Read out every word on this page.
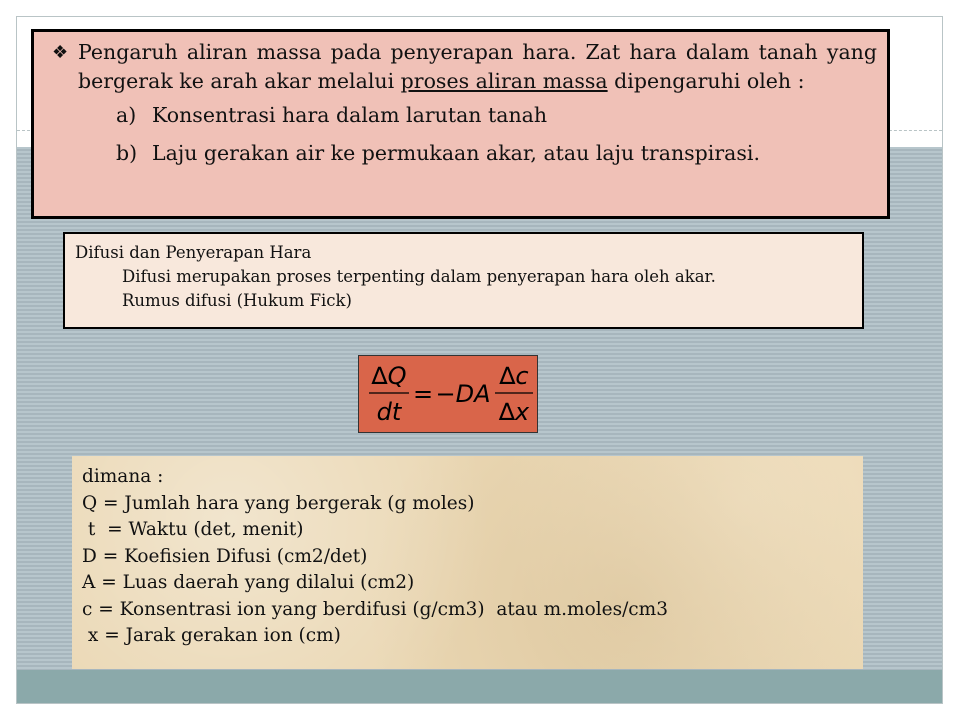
❖ Pengaruh aliran massa pada penyerapan hara. Zat hara dalam tanah yang bergerak ke arah akar melalui proses aliran massa dipengaruhi oleh :
a) Konsentrasi hara dalam larutan tanah
b) Laju gerakan air ke permukaan akar, atau laju transpirasi.
Difusi dan Penyerapan Hara

Difusi merupakan proses terpenting dalam penyerapan hara oleh akar.
Rumus difusi (Hukum Fick)
∆Q
dt
= −DA
∆c
∆x
dimana :
Q = Jumlah hara yang bergerak (g moles)
t  = Waktu (det, menit)
D = Koefisien Difusi (cm2/det)
A = Luas daerah yang dilalui (cm2)
c = Konsentrasi ion yang berdifusi (g/cm3)  atau m.moles/cm3
x = Jarak gerakan ion (cm)
